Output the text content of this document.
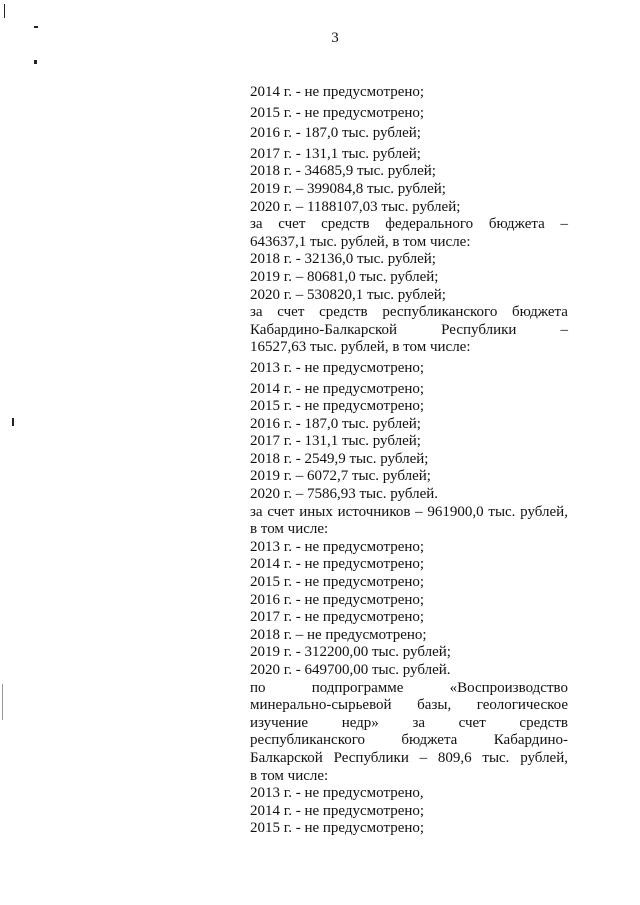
3
2014 г. - не предусмотрено;
2015 г. - не предусмотрено;
2016 г. - 187,0 тыс. рублей;
2017 г. - 131,1 тыс. рублей;
2018 г. - 34685,9 тыс. рублей;
2019 г. – 399084,8 тыс. рублей;
2020 г. – 1188107,03 тыс. рублей;
за счет средств федерального бюджета –
643637,1 тыс. рублей, в том числе:
2018 г. - 32136,0 тыс. рублей;
2019 г. – 80681,0 тыс. рублей;
2020 г. – 530820,1 тыс. рублей;
за счет средств республиканского бюджета
Кабардино-Балкарской	Республики	–
16527,63 тыс. рублей, в том числе:
2013 г. - не предусмотрено;
2014 г. - не предусмотрено;
2015 г. - не предусмотрено;
2016 г. - 187,0 тыс. рублей;
2017 г. - 131,1 тыс. рублей;
2018 г. - 2549,9 тыс. рублей;
2019 г. – 6072,7 тыс. рублей;
2020 г. – 7586,93 тыс. рублей.
за счет иных источников – 961900,0 тыс. рублей,
в том числе:
2013 г. - не предусмотрено;
2014 г. - не предусмотрено;
2015 г. - не предусмотрено;
2016 г. - не предусмотрено;
2017 г. - не предусмотрено;
2018 г. – не предусмотрено;
2019 г. - 312200,00 тыс. рублей;
2020 г. - 649700,00 тыс. рублей.
по	подпрограмме	«Воспроизводство
минерально-сырьевой базы, геологическое
изучение недр» за счет средств
республиканского бюджета Кабардино-
Балкарской Республики – 809,6 тыс. рублей,
в том числе:
2013 г. - не предусмотрено,
2014 г. - не предусмотрено;
2015 г. - не предусмотрено;
